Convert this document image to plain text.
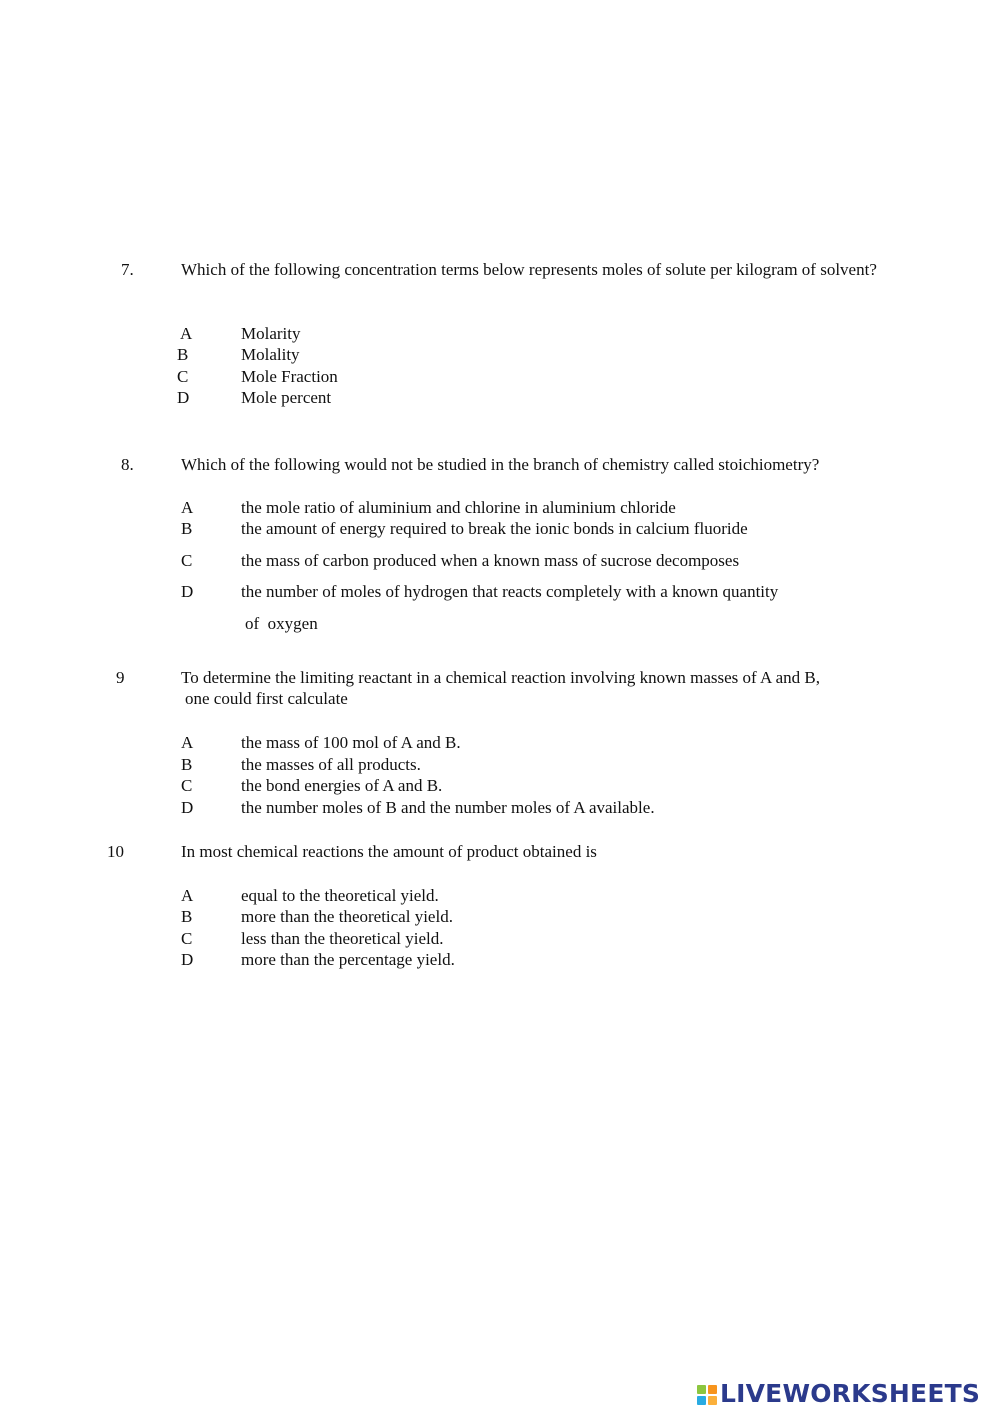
7.	Which of the following concentration terms below represents moles of solute per kilogram of solvent?
A	Molarity
B	Molality
C	Mole Fraction
D	Mole percent
8.	Which of the following would not be studied in the branch of chemistry called stoichiometry?
A	the mole ratio of aluminium and chlorine in aluminium chloride
B	the amount of energy required to break the ionic bonds in calcium fluoride
C	the mass of carbon produced when a known mass of sucrose decomposes
D	the number of moles of hydrogen that reacts completely with a known quantity
of  oxygen
9	To determine the limiting reactant in a chemical reaction involving known masses of A and B,
one could first calculate
A	the mass of 100 mol of A and B.
B	the masses of all products.
C	the bond energies of A and B.
D	the number moles of B and the number moles of A available.
10	In most chemical reactions the amount of product obtained is
A	equal to the theoretical yield.
B	more than the theoretical yield.
C	less than the theoretical yield.
D	more than the percentage yield.
LIVEWORKSHEETS
